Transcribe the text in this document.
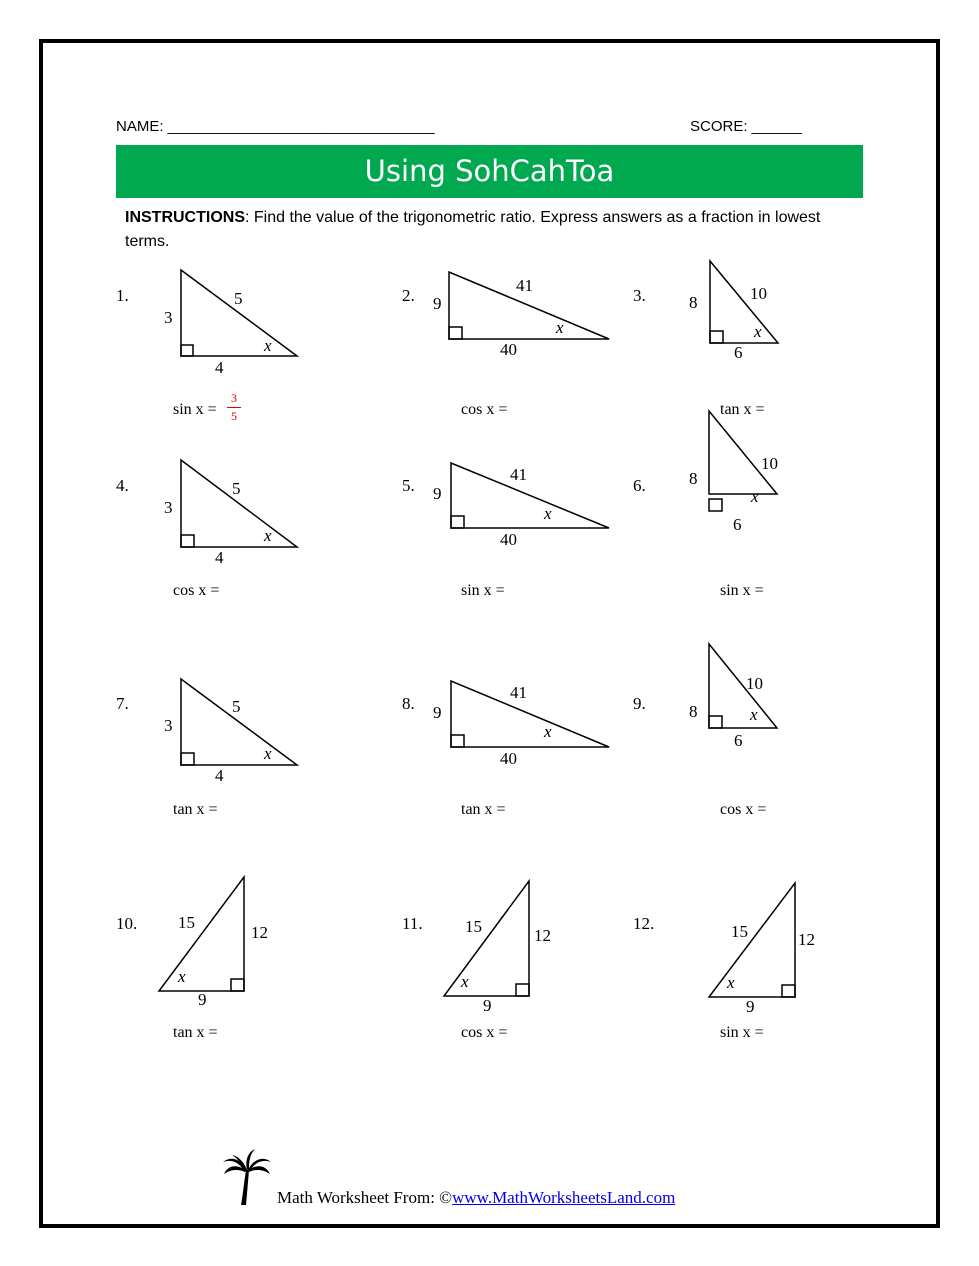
NAME: ________________________________	SCORE: ______
Using SohCahToa
INSTRUCTIONS: Find the value of the trigonometric ratio. Express answers as a fraction in lowest terms.
1.	2.	3.
4.	5.	6.
7.	8.	9.
10.	11.	12.
3
5
4
x
9
41
40
x
8	10
6
x
3
5
4
x
9
41
40
x
8
10
6
x
3
5
4
x
9
41
40
x
8
10
6
x
15
12
9
x
15	12
9
x
15	12
9
x
sin x =
3
5	cos x =	tan x =
cos x =	sin x =	sin x =
tan x =	tan x =	cos x =
tan x =	cos x =	sin x =
Math Worksheet From: ©www.MathWorksheetsLand.com
